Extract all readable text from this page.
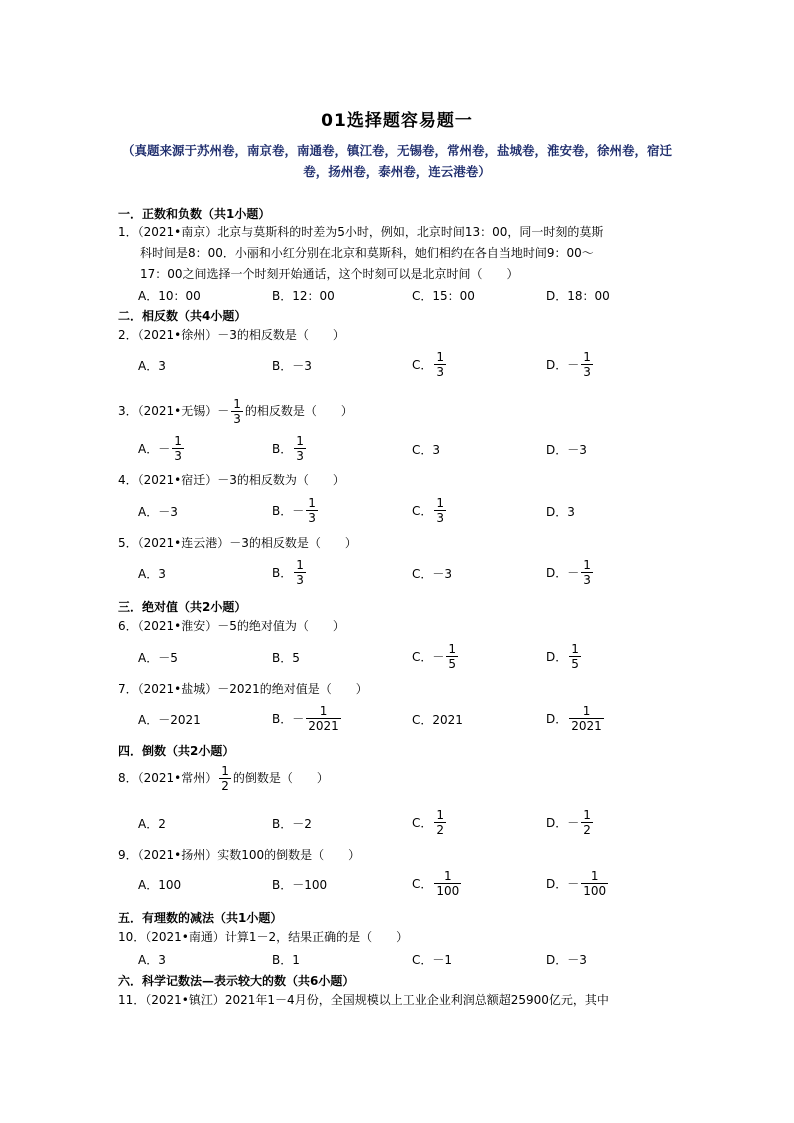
01选择题容易题一
（真题来源于苏州卷，南京卷，南通卷，镇江卷，无锡卷，常州卷，盐城卷，淮安卷，徐州卷，宿迁卷，扬州卷，泰州卷，连云港卷）
一．正数和负数（共1小题）
1．（2021•南京）北京与莫斯科的时差为5小时，例如，北京时间13：00，同一时刻的莫斯
科时间是8：00．小丽和小红分别在北京和莫斯科，她们相约在各自当地时间9：00～
17：00之间选择一个时刻开始通话，这个时刻可以是北京时间（　　）
A．10：00	B．12：00	C．15：00	D．18：00
二．相反数（共4小题）
2．（2021•徐州）－3的相反数是（　　）
A．3	B．－3	C． $\frac{1}{3}$	D．－ $\frac{1}{3}$
3．（2021•无锡）－ $\frac{1}{3}$ 的相反数是（　　）
A．－ $\frac{1}{3}$	B． $\frac{1}{3}$	C．3	D．－3
4．（2021•宿迁）－3的相反数为（　　）
A．－3	B．－ $\frac{1}{3}$	C． $\frac{1}{3}$	D．3
5．（2021•连云港）－3的相反数是（　　）
A．3	B． $\frac{1}{3}$	C．－3	D．－ $\frac{1}{3}$
三．绝对值（共2小题）
6．（2021•淮安）－5的绝对值为（　　）
A．－5	B．5	C．－ $\frac{1}{5}$	D． $\frac{1}{5}$
7．（2021•盐城）－2021的绝对值是（　　）
A．－2021	B．－ $\frac{1}{2021}$	C．2021	D． $\frac{1}{2021}$
四．倒数（共2小题）
8．（2021•常州） $\frac{1}{2}$ 的倒数是（　　）
A．2	B．－2	C． $\frac{1}{2}$	D．－ $\frac{1}{2}$
9．（2021•扬州）实数100的倒数是（　　）
A．100	B．－100	C． $\frac{1}{100}$	D．－ $\frac{1}{100}$
五．有理数的减法（共1小题）
10．（2021•南通）计算1－2，结果正确的是（　　）
A．3	B．1	C．－1	D．－3
六．科学记数法—表示较大的数（共6小题）
11．（2021•镇江）2021年1－4月份，全国规模以上工业企业利润总额超25900亿元，其中
